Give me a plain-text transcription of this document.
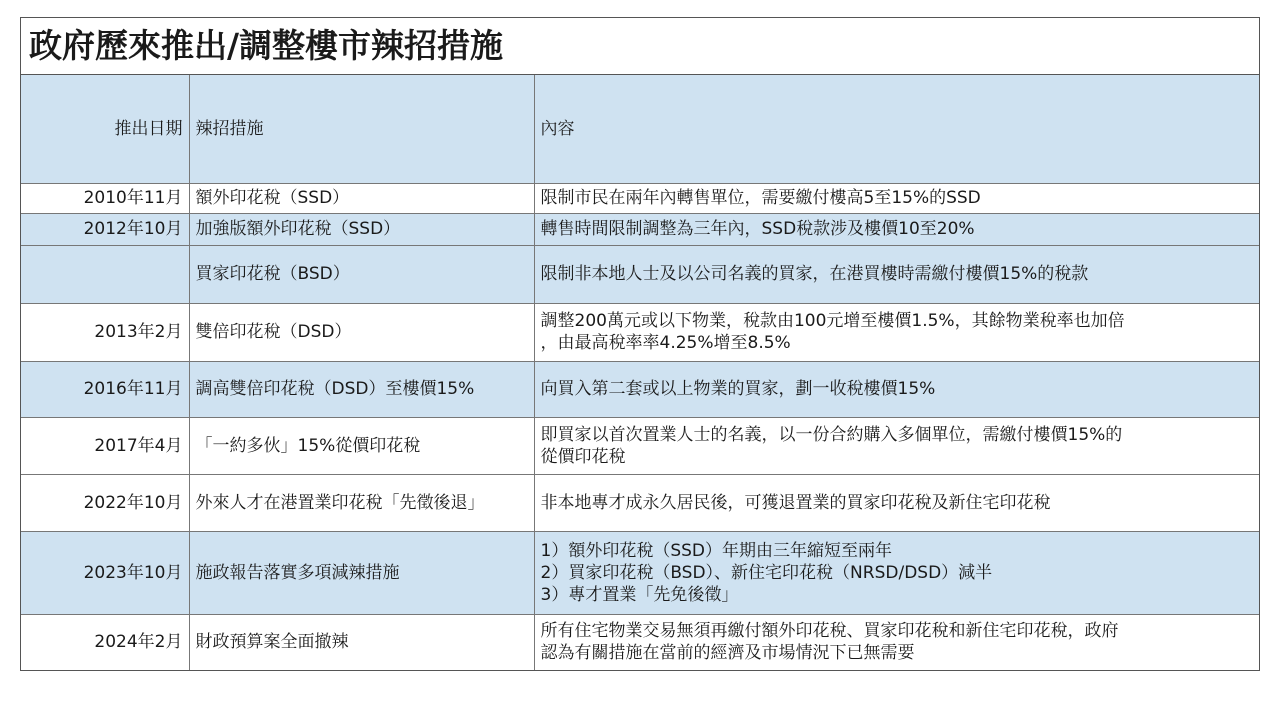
政府歷來推出/調整樓市辣招措施
推出日期	辣招措施	內容
2010年11月	額外印花稅（SSD）	限制市民在兩年內轉售單位，需要繳付樓高5至15%的SSD

2012年10月	加強版額外印花稅（SSD）	轉售時間限制調整為三年內，SSD稅款涉及樓價10至20%

	買家印花稅（BSD）	限制非本地人士及以公司名義的買家，在港買樓時需繳付樓價15%的稅款

2013年2月	雙倍印花稅（DSD）	調整200萬元或以下物業，稅款由100元增至樓價1.5%，其餘物業稅率也加倍
，由最高稅率率4.25%增至8.5%

2016年11月	調高雙倍印花稅（DSD）至樓價15%	向買入第二套或以上物業的買家，劃一收稅樓價15%

2017年4月	「一約多伙」15%從價印花稅	即買家以首次置業人士的名義，以一份合約購入多個單位，需繳付樓價15%的
從價印花稅

2022年10月	外來人才在港置業印花稅「先徵後退」	非本地專才成永久居民後，可獲退置業的買家印花稅及新住宅印花稅

2023年10月	施政報告落實多項減辣措施	1）額外印花稅（SSD）年期由三年縮短至兩年
2）買家印花稅（BSD）、新住宅印花稅（NRSD/DSD）減半
3）專才置業「先免後徵」

2024年2月	財政預算案全面撤辣	所有住宅物業交易無須再繳付額外印花稅、買家印花稅和新住宅印花稅，政府
認為有關措施在當前的經濟及市場情況下已無需要
